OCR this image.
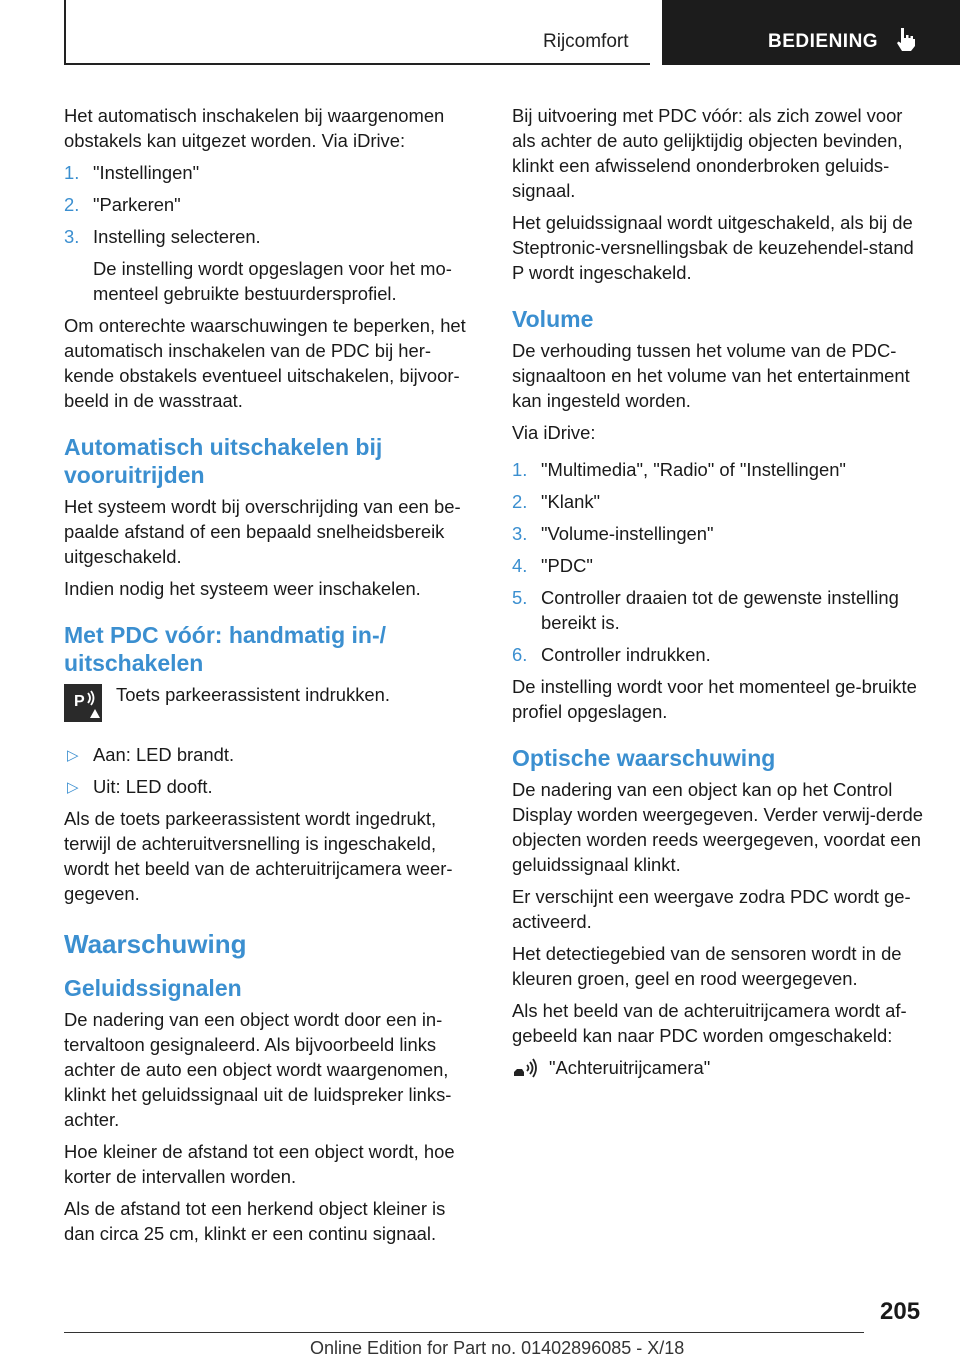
Rijcomfort	BEDIENING

Het automatisch inschakelen bij waargenomen obstakels kan uitgezet worden. Via iDrive:

1. "Instellingen"
2. "Parkeren"
3. Instelling selecteren.

De instelling wordt opgeslagen voor het mo‐menteel gebruikte bestuurdersprofiel.

Om onterechte waarschuwingen te beperken, het automatisch inschakelen van de PDC bij her‐kende obstakels eventueel uitschakelen, bijvoor‐beeld in de wasstraat.

Automatisch uitschakelen bij vooruitrijden

Het systeem wordt bij overschrijding van een be‐paalde afstand of een bepaald snelheidsbereik uitgeschakeld.

Indien nodig het systeem weer inschakelen.

Met PDC vóór: handmatig in-/ uitschakelen
P Toets parkeerassistent indrukken.
▷ Aan: LED brandt.
▷ Uit: LED dooft.

Als de toets parkeerassistent wordt ingedrukt, terwijl de achteruitversnelling is ingeschakeld, wordt het beeld van de achteruitrijcamera weer‐gegeven.

Waarschuwing
Geluidssignalen

De nadering van een object wordt door een in‐tervaltoon gesignaleerd. Als bijvoorbeeld links achter de auto een object wordt waargenomen, klinkt het geluidssignaal uit de luidspreker links‐achter.

Hoe kleiner de afstand tot een object wordt, hoe korter de intervallen worden.

Als de afstand tot een herkend object kleiner is dan circa 25 cm, klinkt er een continu signaal.

Bij uitvoering met PDC vóór: als zich zowel voor als achter de auto gelijktijdig objecten bevinden, klinkt een afwisselend ononderbroken geluids‐signaal.

Het geluidssignaal wordt uitgeschakeld, als bij de Steptronic-versnellingsbak de keuzehendel‐stand P wordt ingeschakeld.

Volume

De verhouding tussen het volume van de PDC-signaaltoon en het volume van het entertainment kan ingesteld worden.

Via iDrive:

1. "Multimedia", "Radio" of "Instellingen"
2. "Klank"
3. "Volume-instellingen"
4. "PDC"
5. Controller draaien tot de gewenste instelling bereikt is.
6. Controller indrukken.

De instelling wordt voor het momenteel ge‐bruikte profiel opgeslagen.

Optische waarschuwing

De nadering van een object kan op het Control Display worden weergegeven. Verder verwij‐derde objecten worden reeds weergegeven, voordat een geluidssignaal klinkt.

Er verschijnt een weergave zodra PDC wordt ge‐activeerd.

Het detectiegebied van de sensoren wordt in de kleuren groen, geel en rood weergegeven.

Als het beeld van de achteruitrijcamera wordt af‐gebeeld kan naar PDC worden omgeschakeld:

"Achteruitrijcamera"
205
Online Edition for Part no. 01402896085 - X/18
